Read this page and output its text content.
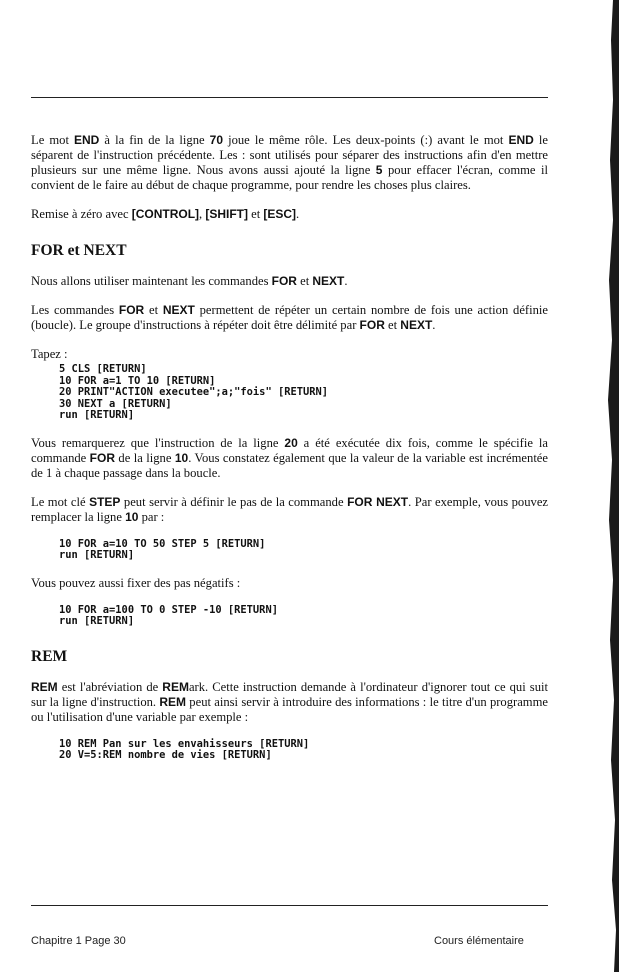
Le mot END à la fin de la ligne 70 joue le même rôle. Les deux-points (:) avant le mot END le séparent de l'instruction précédente. Les : sont utilisés pour séparer des instructions afin d'en mettre plusieurs sur une même ligne. Nous avons aussi ajouté la ligne 5 pour effacer l'écran, comme il convient de le faire au début de chaque programme, pour rendre les choses plus claires.

Remise à zéro avec [CONTROL], [SHIFT] et [ESC].

FOR et NEXT

Nous allons utiliser maintenant les commandes FOR et NEXT.

Les commandes FOR et NEXT permettent de répéter un certain nombre de fois une action définie (boucle). Le groupe d'instructions à répéter doit être délimité par FOR et NEXT.

Tapez :

5 CLS [RETURN]
10 FOR a=1 TO 10 [RETURN]
20 PRINT"ACTION executee";a;"fois" [RETURN]
30 NEXT a [RETURN]
run [RETURN]

Vous remarquerez que l'instruction de la ligne 20 a été exécutée dix fois, comme le spécifie la commande FOR de la ligne 10. Vous constatez également que la valeur de la variable est incrémentée de 1 à chaque passage dans la boucle.

Le mot clé STEP peut servir à définir le pas de la commande FOR NEXT. Par exemple, vous pouvez remplacer la ligne 10 par :

10 FOR a=10 TO 50 STEP 5 [RETURN]
run [RETURN]

Vous pouvez aussi fixer des pas négatifs :

10 FOR a=100 TO 0 STEP -10 [RETURN]
run [RETURN]
REM

REM est l'abréviation de REMark. Cette instruction demande à l'ordinateur d'ignorer tout ce qui suit sur la ligne d'instruction. REM peut ainsi servir à introduire des informations : le titre d'un programme ou l'utilisation d'une variable par exemple :

10 REM Pan sur les envahisseurs [RETURN]
20 V=5:REM nombre de vies [RETURN]
Chapitre 1 Page 30	Cours élémentaire
